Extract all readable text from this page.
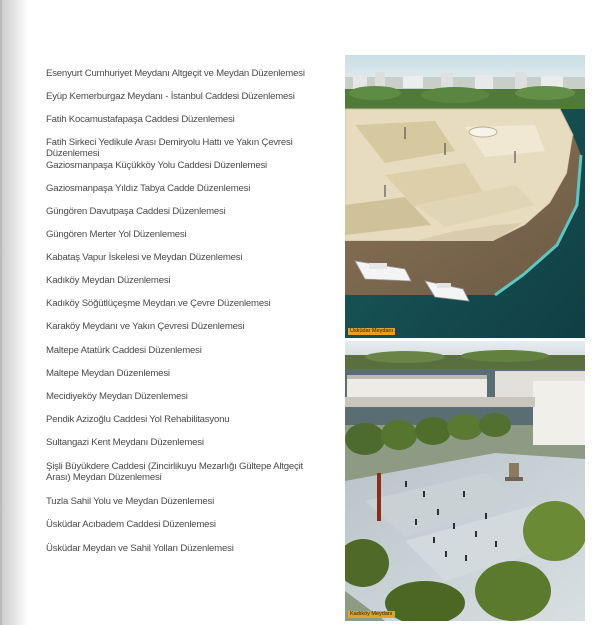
Esenyurt Cumhuriyet Meydanı Altgeçit ve Meydan Düzenlemesi
Eyüp Kemerburgaz Meydanı - İstanbul Caddesi Düzenlemesi
Fatih Kocamustafapaşa Caddesi Düzenlemesi
Fatih Sirkeci Yedikule Arası Demiryolu Hattı ve Yakın Çevresi Düzenlemesi
Gaziosmanpaşa Küçükköy Yolu Caddesi Düzenlemesi
Gaziosmanpaşa Yıldız Tabya Cadde Düzenlemesi
Güngören Davutpaşa Caddesi Düzenlemesi
Güngören Merter Yol Düzenlemesi
Kabataş Vapur İskelesi ve Meydan Düzenlemesi
Kadıköy Meydan Düzenlemesi
Kadıköy Söğütlüçeşme Meydan ve Çevre Düzenlemesi
Karaköy Meydanı ve Yakın Çevresi Düzenlemesi
Maltepe Atatürk Caddesi Düzenlemesi
Maltepe Meydan Düzenlemesi
Mecidiyeköy Meydan Düzenlemesi
Pendik Azizoğlu Caddesi Yol Rehabilitasyonu
Sultangazi Kent Meydanı Düzenlemesi
Şişli Büyükdere Caddesi (Zincirlikuyu Mezarlığı Gültepe Altgeçit Arası) Meydan Düzenlemesi
Tuzla Sahil Yolu ve Meydan Düzenlemesi
Üsküdar Acıbadem Caddesi Düzenlemesi
Üsküdar Meydan ve Sahil Yolları Düzenlemesi
Üsküdar Meydanı
Kadıköy Meydanı
